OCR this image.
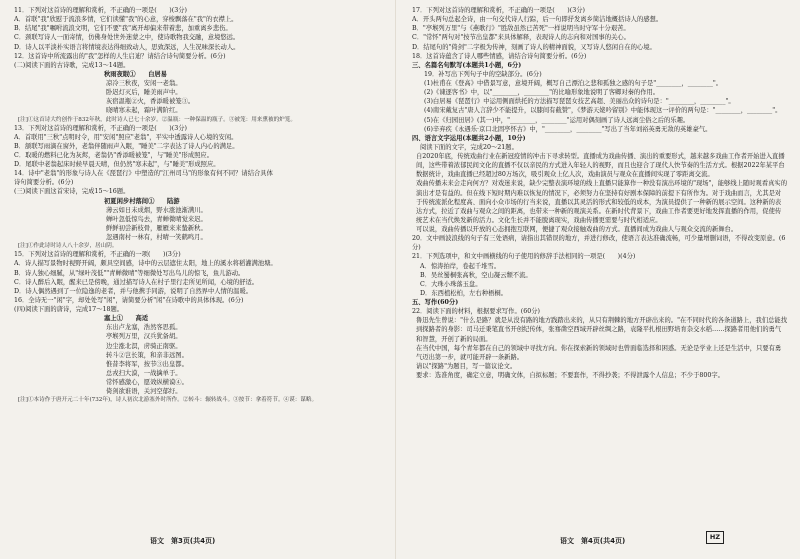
11．下列对这首诗的理解和赏析，不正确的一项是(　　)(3分)
A．首联"我"欣慰于流浪多情，它们读懂"我"的心意，穿梭飘落在"我"的衣襟上。
B．结尾"我"嘱咐流浪文明，它们不要"我"离开却偏来带着悲，加重离乡悲伤。
C．颈联写诗人一面寄情，仿佛身处世外迷蒙之中，使诗歌物我交融，意境悠远。
D．诗人以平淡朴实语言将情境表达得细致动人，思致深远，人生况味深长动人。
12．这首诗中所流露出的"我"怎样的人生启迪？请结合诗句简要分析。(6分)
(二)阅读下面的古诗歌，完成13～14题。
秋雨夜眠①　　白居易
凉冷三秋夜，安闲一老翁。
卧迟灯灭后，睡美雨声中。
灰宿温瓶②火，香添暖被笼③。
晓晴寒未起，霜叶满阶红。
[注]①这首诗大约创作于832年秋，此时诗人已七十余岁。②温瓶：一种保温的瓶子。③被笼：用来熏被的炉笼。
13．下列对这首诗的理解和赏析，不正确的一项是(　　)(3分)
A．首联用"三秋"点明时令，用"安闲"照应"老翁"，平实中透露诗人心境的安闲。
B．颔联写雨滴在窗外，老翁伴随雨声入眠，"睡美"二字表达了诗人内心的满足。
C．取暖的燃料已化为灰烬，老翁仍"香添暖被笼"，与"睡美"形成照应。
D．尾联中老翁起床时候早晨天晴，但仍然"寒未起"，与"睡美"形成照应。
14．诗中"老翁"的形象与诗人在《琵琶行》中塑造的"江州司马"的形象有何不同？请结合具体
诗句简要分析。(6分)
(三)阅读下面这首宋诗，完成15～16题。
初夏闲步村落间①　　陆游
薄云如日未成烟，野水涨池渐满川。
蝉叶忽低惊鸟去，青蝉微晴觉来迟。
鲜鲜初尝新枝骨，雁雁来来蛰新秋。
忽遇南村一林有，村晴一笑鹤鸣月。
[注]①作此诗时诗人八十余岁，居山阴。
15．下列对这首诗的理解和赏析，不正确的一项(　　)(3分)
A．诗人描写景物时视野开阔，颇具空间感，诗中的云层遮住太阳，地上的溪水将稻灌满池塘。
B．诗人独心细腻，从"绿叶茂低""青蝉微晴"等细微处写出鸟儿的惊飞，鱼儿游动。
C．诗人醉后入眠，醒来已是傍晚，通过描写诗人在村子里行走所见所闻，心境的舒适。
D．诗人偶然遇到了一位隐逸的老者，并与他携手同游，说明了自然界中人情的温暖。
16．全诗无一"闲"字，却处处写"闲"，请简要分析"闲"在诗歌中的具体体现。(6分)
(四)阅读下面的唐诗，完成17～18题。
塞上①　　高适
东出卢龙塞，浩然客思孤。
亭堠列万里，汉兵犹备胡。
边尘涨北溟，虏骑正南驱。
转斗②岂长策，和亲非远图。
惟昔李将军，按节③出皇都。
总戎扫大漠，一战擒单于。
常怀感激心，愿效纵横谟④。
倚剑欲谁语，关河空郁纡。
[注]①本诗作于唐开元二十年(732年)，诗人初次北游塞外时所作。②转斗：辗转战斗。③按节：拿着符节。④谟：谋略。
17．下列对这首诗的理解和赏析，不正确的一项是(　　)(3分)
A．开头两句总起全诗，由一句交代诗人行踪，后一句即抒发离乡简洁地概括诗人的感想。
B．"亭堠列万里"与《燕歌行》"胜敌虽然已苦死"一样说明当时守军十分艰苦。
C．"常怀"两句对"按节出皇都"来具体解释，表现诗人的志向和对国事的关心。
D．结尾句的"倚剑"二字极为传神，刻画了诗人的精神面貌，又写诗人悠闲自在的心境。
18．这首诗蕴含了诗人哪些情感，请结合诗句简要分析。(6分)
三、名篇名句默写(本题共1小题，6分)
19．补写出下列句子中的空缺部分。(6分)
(1)杜甫在《登高》中借景写意，意境开阔，概写自己漂泊之悲和孤独之感的句子是"________，________"。
(2)《谏逐客书》中，以"________，________"的比喻形象地说明了客卿对秦的作用。
(3)白居易《琵琶行》中运用侧面烘托的方法描写琵琶女技艺高超、美丽出众的诗句是："________，________"。
(4)南宋戴复古"唐人言辞少不能提升，以膝间有截赞"，《梦游天姥吟留别》中能体现这一评价的两句是："________，________"。
(5)在《归园田居》(其一)中，"________，________"运用对偶刻画了诗人远离尘俗之后的乐趣。
(6)辛弃疾《永遇乐·京口北固亭怀古》中，"________，________"写出了当年刘裕英勇无敌的英雄豪气。
四、语言文字运用(本题共2小题，10分)
阅读下面的文字，完成20～21题。
自2020年底，传统戏曲行业在新冠疫情的冲击下寻求转型。直播成为戏曲传播、演出的重要形式，越来越多戏曲工作者开始进入直播间，这些带着浓郁民间文化的直播不仅以亲民的方式进入年轻人的视野，而且也迎合了现代人快节奏的生活方式。根据2022年某平台数据统计，戏曲直播已经超过80万场次，吸引观众上亿人次，戏曲演员与观众在直播间实现了零距离交流。
戏曲传播未来会走向何方？对戏迷来说，缺少完整表演环境的线上直播只能算作一种没有演出环境的"现场"，能够线上随时观看真实的演出才是有益的。但在线下短时期内难以恢复的情况下，必须努力在坚持有好剧本保障的前提下有所作为。对于戏曲而言，尤其是对于传统流派化程度高、面向小众市场的行当来说，直播以其灵活的形式和较低的成本，为演员提供了一种新的展示空间。这种新的表达方式，拉近了戏曲与观众之间的距离，也带来一种新的观演关系。在新时代背景下，戏曲工作者要更好地发挥直播的作用，促使传统艺术在当代焕发新的活力。文化生长并不能脱离现实，戏曲传播更需要与时代相适应。
可以说，戏曲传播以开放的心态拥抱互联网，便捷了观众接触戏曲的方式。直播间成为戏曲人与观众交流的新舞台。
20．文中画波浪线的句子有三处语病，请指出其错误的地方，并进行修改，使语言表达准确流畅，可少量增删词语，不得改变原意。(6分)
21．下列选项中，和文中画横线的句子使用的修辞手法相同的一项是(　　)(4分)
A．惊涛拍岸，卷起千堆雪。
B．吴丝蜀桐张高秋，空山凝云颓不流。
C．大珠小珠落玉盘。
D．东西植松柏，左右种梧桐。
五、写作(60分)
22．阅读下面的材料，根据要求写作。(60分)
鲁迅先生曾说："什么是路？就是从没有路的地方践踏出来的，从只有荆棘的地方开辟出来的。"在不同时代的各条道路上，我们总能找到探路者的身影：司马迁秉笔直书开创纪传体，张骞凿空西域开辟丝绸之路，袁隆平扎根田野培育杂交水稻……探路者用他们的勇气和智慧，开创了新的局面。
在当代中国，每个青年都在自己的领域中寻找方向。你在探索新的领域时也曾面临选择和困惑。无论是学业上还是生活中，只要有勇气迈出第一步，就可能开辟一条新路。
请以"探路"为题目，写一篇议论文。
要求：选准角度，确定立意，明确文体，自拟标题；不要套作，不得抄袭；不得泄露个人信息；不少于800字。
语文　第3页(共4页)	语文　第4页(共4页)	HZ
